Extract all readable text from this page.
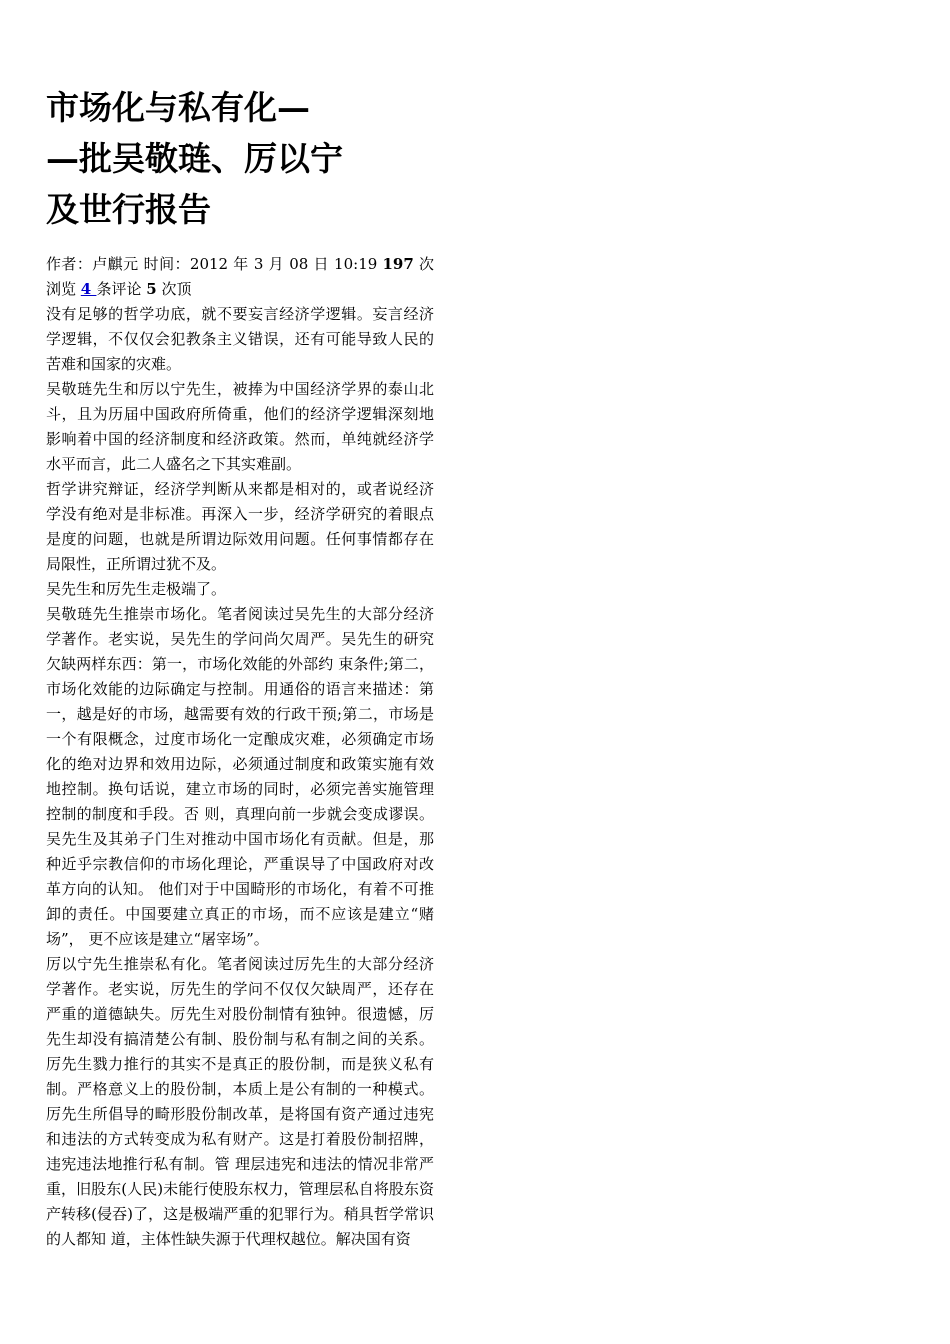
市场化与私有化—
—批吴敬琏、厉以宁
及世行报告
作者：卢麒元 时间：2012 年 3 月 08 日 10:19 197 次浏览 4 条评论 5 次顶

没有足够的哲学功底，就不要妄言经济学逻辑。妄言经济学逻辑，不仅仅会犯教条主义错误，还有可能导致人民的苦难和国家的灾难。

吴敬琏先生和厉以宁先生，被捧为中国经济学界的泰山北斗，且为历届中国政府所倚重，他们的经济学逻辑深刻地影响着中国的经济制度和经济政策。然而，单纯就经济学水平而言，此二人盛名之下其实难副。

哲学讲究辩证，经济学判断从来都是相对的，或者说经济学没有绝对是非标准。再深入一步，经济学研究的着眼点是度的问题，也就是所谓边际效用问题。任何事情都存在局限性，正所谓过犹不及。

吴先生和厉先生走极端了。

吴敬琏先生推崇市场化。笔者阅读过吴先生的大部分经济学著作。老实说，吴先生的学问尚欠周严。吴先生的研究欠缺两样东西：第一，市场化效能的外部约 束条件;第二，市场化效能的边际确定与控制。用通俗的语言来描述：第一，越是好的市场，越需要有效的行政干预;第二，市场是一个有限概念，过度市场化一定酿成灾难，必须确定市场化的绝对边界和效用边际，必须通过制度和政策实施有效地控制。换句话说，建立市场的同时，必须完善实施管理控制的制度和手段。否 则，真理向前一步就会变成谬误。吴先生及其弟子门生对推动中国市场化有贡献。但是，那种近乎宗教信仰的市场化理论，严重误导了中国政府对改革方向的认知。 他们对于中国畸形的市场化，有着不可推卸的责任。中国要建立真正的市场，而不应该是建立“赌场”， 更不应该是建立“屠宰场”。

厉以宁先生推崇私有化。笔者阅读过厉先生的大部分经济学著作。老实说，厉先生的学问不仅仅欠缺周严，还存在严重的道德缺失。厉先生对股份制情有独钟。很遗憾，厉先生却没有搞清楚公有制、股份制与私有制之间的关系。厉先生戮力推行的其实不是真正的股份制，而是狭义私有制。严格意义上的股份制，本质上是公有制的一种模式。厉先生所倡导的畸形股份制改革，是将国有资产通过违宪和违法的方式转变成为私有财产。这是打着股份制招牌，违宪违法地推行私有制。管 理层违宪和违法的情况非常严重，旧股东(人民)未能行使股东权力，管理层私自将股东资产转移(侵吞)了，这是极端严重的犯罪行为。稍具哲学常识的人都知 道，主体性缺失源于代理权越位。解决国有资
